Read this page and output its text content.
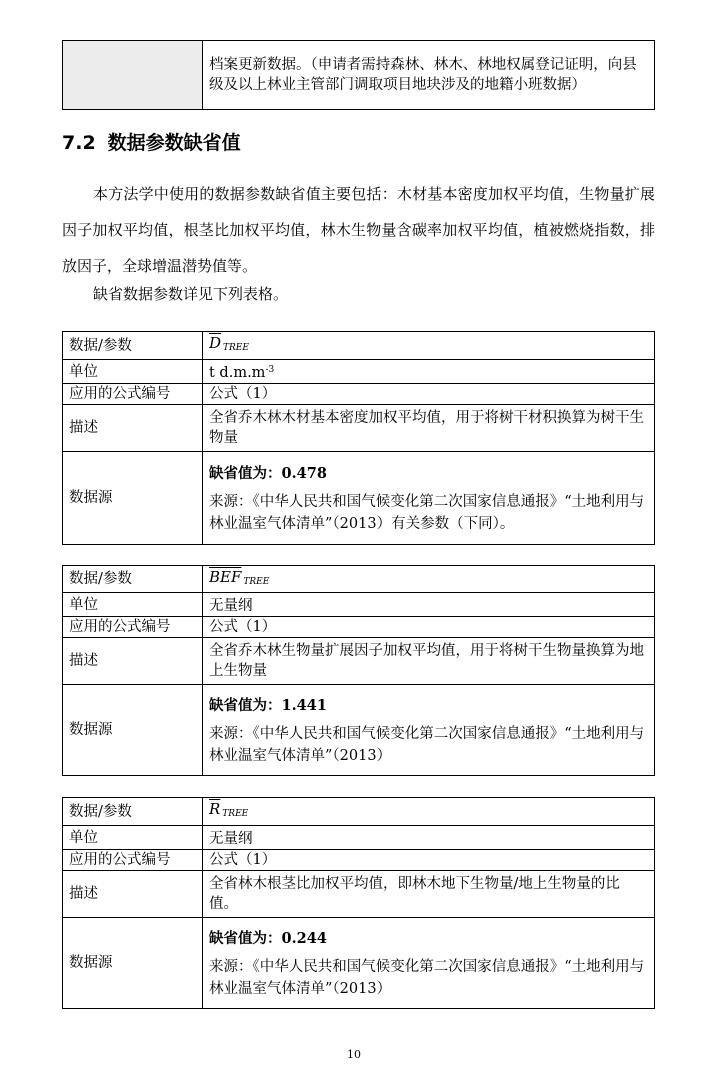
	档案更新数据。（申请者需持森林、林木、林地权属登记证明，向县级及以上林业主管部门调取项目地块涉及的地籍小班数据）
7.2 数据参数缺省值

本方法学中使用的数据参数缺省值主要包括：木材基本密度加权平均值，生物量扩展因子加权平均值，根茎比加权平均值，林木生物量含碳率加权平均值，植被燃烧指数，排放因子，全球增温潜势值等。

缺省数据参数详见下列表格。

数据/参数	$\overline{D}$ $_{TREE}$
单位	t $d.m.m^{-3}$
应用的公式编号	公式（1）
描述	全省乔木林木材基本密度加权平均值，用于将树干材积换算为树干生物量
数据源	缺省值为：0.478
来源：《中华人民共和国气候变化第二次国家信息通报》“土地利用与林业温室气体清单”（2013）有关参数（下同）。
数据/参数	$\overline{BEF}$ $_{TREE}$
单位	无量纲
应用的公式编号	公式（1）
描述	全省乔木林生物量扩展因子加权平均值，用于将树干生物量换算为地上生物量
数据源	缺省值为：1.441
来源：《中华人民共和国气候变化第二次国家信息通报》“土地利用与林业温室气体清单”（2013）
数据/参数	$\overline{R}$ $_{TREE}$
单位	无量纲
应用的公式编号	公式（1）
描述	全省林木根茎比加权平均值，即林木地下生物量/地上生物量的比值。
数据源	缺省值为：0.244
来源：《中华人民共和国气候变化第二次国家信息通报》“土地利用与林业温室气体清单”（2013）
10
